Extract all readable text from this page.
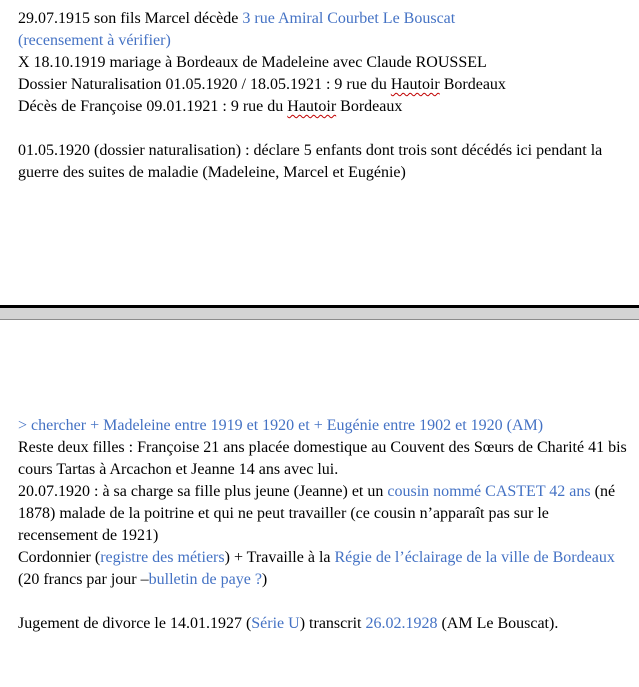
29.07.1915 son fils Marcel décède 3 rue Amiral Courbet Le Bouscat
(recensement à vérifier)

X 18.10.1919 mariage à Bordeaux de Madeleine avec Claude ROUSSEL

Dossier Naturalisation 01.05.1920 / 18.05.1921 : 9 rue du Hautoir Bordeaux

Décès de Françoise 09.01.1921 : 9 rue du Hautoir Bordeaux

01.05.1920 (dossier naturalisation) : déclare 5 enfants dont trois sont décédés ici pendant la guerre des suites de maladie (Madeleine, Marcel et Eugénie)

> chercher + Madeleine entre 1919 et 1920 et + Eugénie entre 1902 et 1920 (AM)

Reste deux filles : Françoise 21 ans placée domestique au Couvent des Sœurs de Charité 41 bis cours Tartas à Arcachon et Jeanne 14 ans avec lui.

20.07.1920 : à sa charge sa fille plus jeune (Jeanne) et un cousin nommé CASTET 42 ans (né 1878) malade de la poitrine et qui ne peut travailler (ce cousin n’apparaît pas sur le recensement de 1921)

Cordonnier (registre des métiers) + Travaille à la Régie de l’éclairage de la ville de Bordeaux (20 francs par jour –bulletin de paye ?)

Jugement de divorce le 14.01.1927 (Série U) transcrit 26.02.1928 (AM Le Bouscat).
